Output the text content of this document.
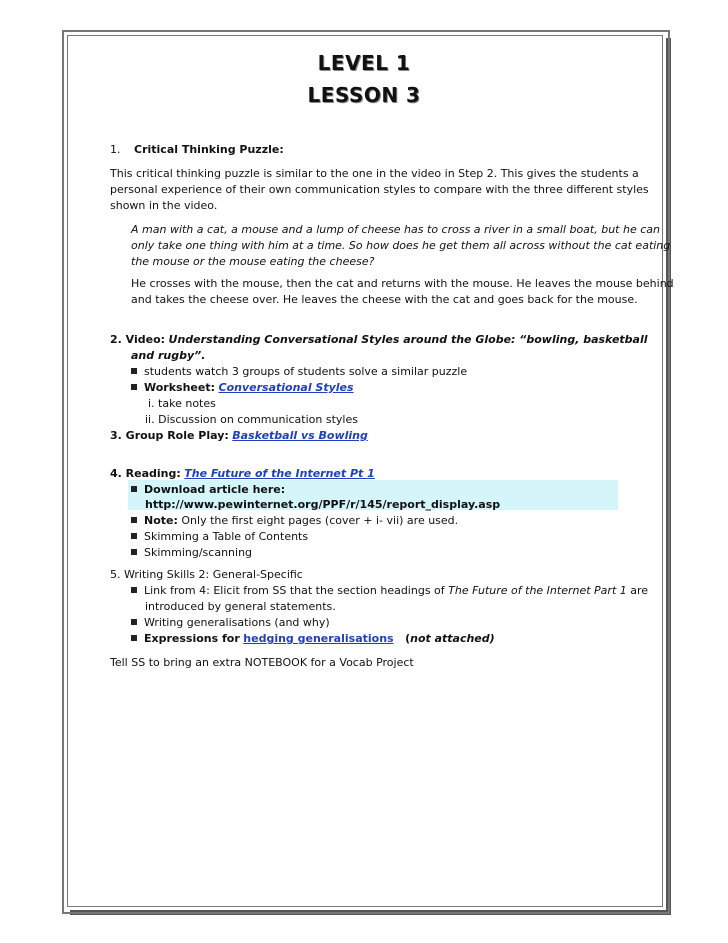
LEVEL 1
LESSON 3

1. Critical Thinking Puzzle:

This critical thinking puzzle is similar to the one in the video in Step 2. This gives the students a

personal experience of their own communication styles to compare with the three different styles

shown in the video.

A man with a cat, a mouse and a lump of cheese has to cross a river in a small boat, but he can

only take one thing with him at a time. So how does he get them all across without the cat eating

the mouse or the mouse eating the cheese?

He crosses with the mouse, then the cat and returns with the mouse. He leaves the mouse behind

and takes the cheese over. He leaves the cheese with the cat and goes back for the mouse.

2. Video: Understanding Conversational Styles around the Globe: “bowling, basketball

and rugby”.

students watch 3 groups of students solve a similar puzzle

Worksheet: Conversational Styles

i. take notes

ii. Discussion on communication styles

3. Group Role Play: Basketball vs Bowling

4. Reading: The Future of the Internet Pt 1

Download article here:

http://www.pewinternet.org/PPF/r/145/report_display.asp

Note: Only the first eight pages (cover + i- vii) are used.

Skimming a Table of Contents

Skimming/scanning

5. Writing Skills 2: General-Specific

Link from 4: Elicit from SS that the section headings of The Future of the Internet Part 1 are

introduced by general statements.

Writing generalisations (and why)

Expressions for hedging generalisations (not attached)

Tell SS to bring an extra NOTEBOOK for a Vocab Project
